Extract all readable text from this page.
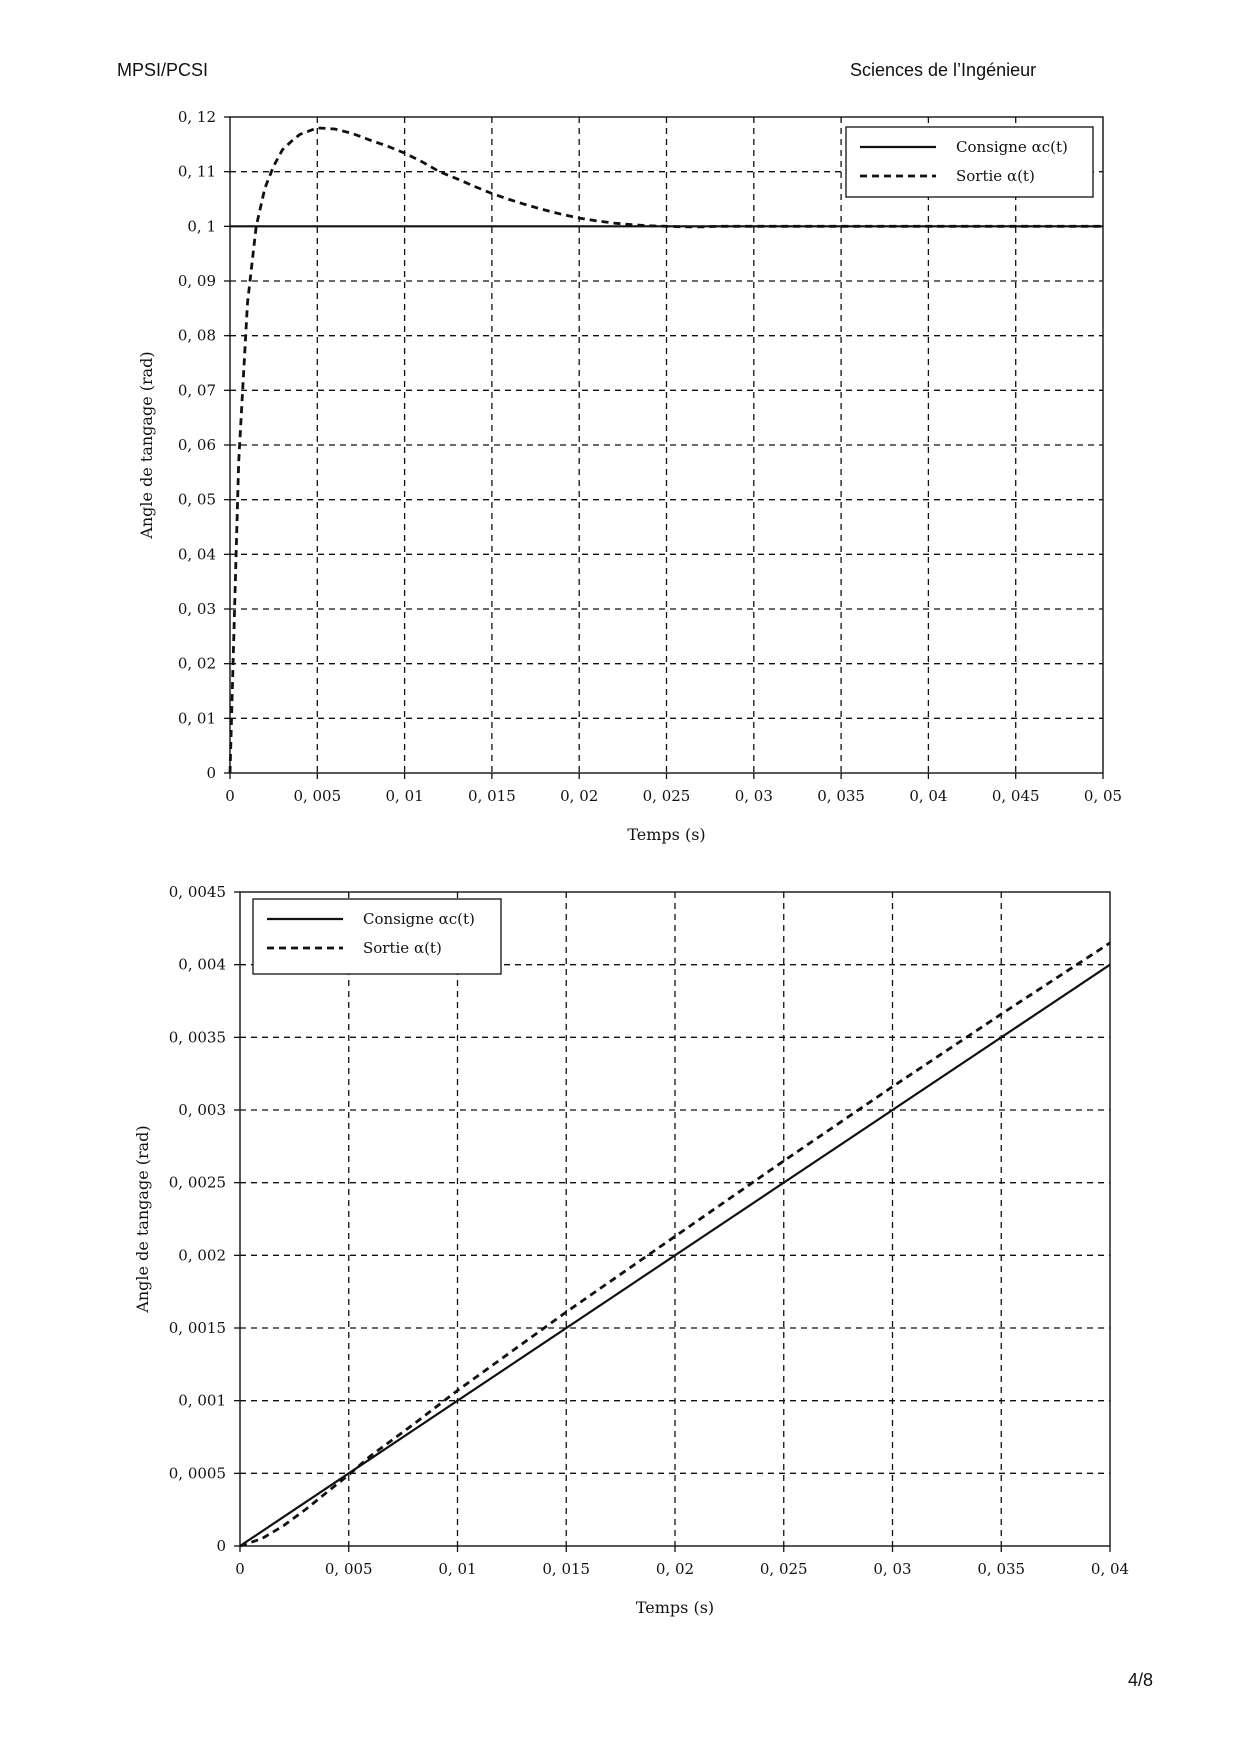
MPSI/PCSI	Sciences de l’Ingénieur
0	0, 005	0, 01	0, 015	0, 02	0, 025	0, 03	0, 035	0, 04	0, 045	0, 05
0
0, 01
0, 02
0, 03
0, 04
0, 05
0, 06
0, 07
0, 08
0, 09
0, 1
0, 11
0, 12
Temps (s)
Angle de tangage (rad)
Consigne αc(t)
Sortie α(t)
0	0, 005	0, 01	0, 015	0, 02	0, 025	0, 03	0, 035	0, 04
0
0, 0005
0, 001
0, 0015
0, 002
0, 0025
0, 003
0, 0035
0, 004
0, 0045
Temps (s)
Angle de tangage (rad)
Consigne αc(t)
Sortie α(t)
4/8
